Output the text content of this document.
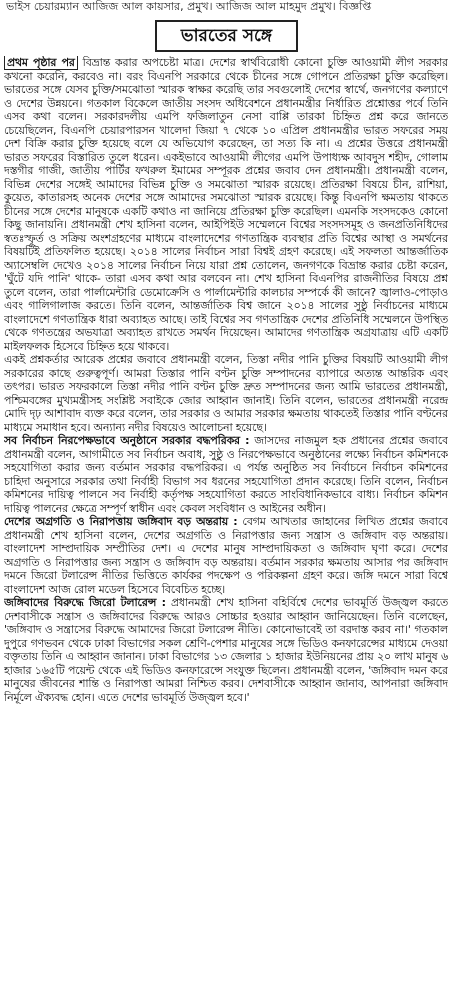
ভাইস চেয়ারম্যান আজিজ আল কায়সার, প্রমুখ। আজিজ আল মাহমুদ প্রমুখ। বিজ্ঞপ্তি
ভারতের সঙ্গে

প্রথম পৃষ্ঠার পর বিভ্রান্ত করার অপচেষ্টা মাত্র। দেশের স্বার্থবিরোধী কোনো চুক্তি আওয়ামী লীগ সরকার কখনো করেনি, করবেও না। বরং বিএনপি সরকারে থেকে চীনের সঙ্গে গোপনে প্রতিরক্ষা চুক্তি করেছিল। ভারতের সঙ্গে যেসব চুক্তি/সমঝোতা স্মারক স্বাক্ষর করেছি তার সবগুলোই দেশের স্বার্থে, জনগণের কল্যাণে ও দেশের উন্নয়নে। গতকাল বিকেলে জাতীয় সংসদ অধিবেশনে প্রধানমন্ত্রীর নির্ধারিত প্রশ্নোত্তর পর্বে তিনি এসব কথা বলেন। সরকারদলীয় এমপি ফজিলাতুন নেসা বাপ্পি তারকা চিহ্নিত প্রশ্ন করে জানতে চেয়েছিলেন, বিএনপি চেয়ারপারসন খালেদা জিয়া ৭ থেকে ১০ এপ্রিল প্রধানমন্ত্রীর ভারত সফরের সময় দেশ বিক্রি করার চুক্তি হয়েছে বলে যে অভিযোগ করেছেন, তা সত্য কি না। এ প্রশ্নের উত্তরে প্রধানমন্ত্রী ভারত সফরের বিস্তারিত তুলে ধরেন। একইভাবে আওয়ামী লীগের এমপি উপাধ্যক্ষ আবদুস শহীদ, গোলাম দস্তগীর গাজী, জাতীয় পার্টির ফখরুল ইমামের সম্পূরক প্রশ্নের জবাব দেন প্রধানমন্ত্রী। প্রধানমন্ত্রী বলেন, বিভিন্ন দেশের সঙ্গেই আমাদের বিভিন্ন চুক্তি ও সমঝোতা স্মারক রয়েছে। প্রতিরক্ষা বিষয়ে চীন, রাশিয়া, কুয়েত, কাতারসহ অনেক দেশের সঙ্গে আমাদের সমঝোতা স্মারক রয়েছে। কিন্তু বিএনপি ক্ষমতায় থাকতে চীনের সঙ্গে দেশের মানুষকে একটি কথাও না জানিয়ে প্রতিরক্ষা চুক্তি করেছিল। এমনকি সংসদকেও কোনো কিছু জানায়নি। প্রধানমন্ত্রী শেখ হাসিনা বলেন, আইপিইউ সম্মেলনে বিশ্বের সংসদসমূহ ও জনপ্রতিনিধিদের স্বতঃস্ফূর্ত ও সক্রিয় অংশগ্রহণের মাধ্যমে বাংলাদেশের গণতান্ত্রিক ব্যবস্থার প্রতি বিশ্বের আস্থা ও সমর্থনের বিষয়টিই প্রতিফলিত হয়েছে। ২০১৪ সালের নির্বাচন সারা বিশ্বই গ্রহণ করেছে। এই সফলতা আন্তর্জাতিক অ্যাসেম্বলি দেখেও ২০১৪ সালের নির্বাচন নিয়ে যারা প্রশ্ন তোলেন, জনগণকে বিভ্রান্ত করার চেষ্টা করেন, 'ঘুঁটে যদি পানি' থাকে- তারা এসব কথা আর বলবেন না। শেখ হাসিনা বিএনপির রাজনীতির বিষয়ে প্রশ্ন তুলে বলেন, তারা পার্লামেন্টারি ডেমোক্রেসি ও পার্লামেন্টারি কালচার সম্পর্কে কী জানে? জ্বালাও-পোড়াও এবং গালিগালাজ করতে। তিনি বলেন, আন্তর্জাতিক বিশ্ব জানে ২০১৪ সালের সুষ্ঠু নির্বাচনের মাধ্যমে বাংলাদেশে গণতান্ত্রিক ধারা অব্যাহত আছে। তাই বিশ্বের সব গণতান্ত্রিক দেশের প্রতিনিধি সম্মেলনে উপস্থিত থেকে গণতন্ত্রের অভযাত্রা অব্যাহত রাখতে সমর্থন দিয়েছেন। আমাদের গণতান্ত্রিক অগ্রযাত্রায় এটি একটি মাইলফলক হিসেবে চিহ্নিত হয়ে থাকবে।

একই প্রশ্নকর্তার আরেক প্রশ্নের জবাবে প্রধানমন্ত্রী বলেন, তিস্তা নদীর পানি চুক্তির বিষয়টি আওয়ামী লীগ সরকারের কাছে গুরুত্বপূর্ণ। আমরা তিস্তার পানি বণ্টন চুক্তি সম্পাদনের ব্যাপারে অত্যন্ত আন্তরিক এবং তৎপর। ভারত সফরকালে তিস্তা নদীর পানি বণ্টন চুক্তি দ্রুত সম্পাদনের জন্য আমি ভারতের প্রধানমন্ত্রী, পশ্চিমবঙ্গের মুখ্যমন্ত্রীসহ সংশ্লিষ্ট সবাইকে জোর আহ্বান জানাই। তিনি বলেন, ভারতের প্রধানমন্ত্রী নরেন্দ্র মোদি দৃঢ় আশাবাদ ব্যক্ত করে বলেন, তার সরকার ও আমার সরকার ক্ষমতায় থাকতেই তিস্তার পানি বণ্টনের মাধ্যমে সমাধান হবে। অন্যান্য নদীর বিষয়েও আলোচনা হয়েছে।

সব নির্বাচন নিরপেক্ষভাবে অনুষ্ঠানে সরকার বদ্ধপরিকর : জাসদের নাজমুল হক প্রধানের প্রশ্নের জবাবে প্রধানমন্ত্রী বলেন, আগামীতে সব নির্বাচন অবাধ, সুষ্ঠু ও নিরপেক্ষভাবে অনুষ্ঠানের লক্ষ্যে নির্বাচন কমিশনকে সহযোগিতা করার জন্য বর্তমান সরকার বদ্ধপরিকর। এ পর্যন্ত অনুষ্ঠিত সব নির্বাচনে নির্বাচন কমিশনের চাহিদা অনুসারে সরকার তথা নির্বাহী বিভাগ সব ধরনের সহযোগিতা প্রদান করেছে। তিনি বলেন, নির্বাচন কমিশনের দায়িত্ব পালনে সব নির্বাহী কর্তৃপক্ষ সহযোগিতা করতে সাংবিধানিকভাবে বাধ্য। নির্বাচন কমিশন দায়িত্ব পালনের ক্ষেত্রে সম্পূর্ণ স্বাধীন এবং কেবল সংবিধান ও আইনের অধীন।

দেশের অগ্রগতি ও নিরাপত্তায় জঙ্গিবাদ বড় অন্তরায় : বেগম আখতার জাহানের লিখিত প্রশ্নের জবাবে প্রধানমন্ত্রী শেখ হাসিনা বলেন, দেশের অগ্রগতি ও নিরাপত্তার জন্য সন্ত্রাস ও জঙ্গিবাদ বড় অন্তরায়। বাংলাদেশ সাম্প্রদায়িক সম্প্রীতির দেশ। এ দেশের মানুষ সাম্প্রদায়িকতা ও জঙ্গিবাদ ঘৃণা করে। দেশের অগ্রগতি ও নিরাপত্তার জন্য সন্ত্রাস ও জঙ্গিবাদ বড় অন্তরায়। বর্তমান সরকার ক্ষমতায় আসার পর জঙ্গিবাদ দমনে জিরো টলারেন্স নীতির ভিত্তিতে কার্যকর পদক্ষেপ ও পরিকল্পনা গ্রহণ করে। জঙ্গি দমনে সারা বিশ্বে বাংলাদেশ আজ রোল মডেল হিসেবে বিবেচিত হচ্ছে।

জঙ্গিবাদের বিরুদ্ধে জিরো টলারেন্স : প্রধানমন্ত্রী শেখ হাসিনা বহির্বিশ্বে দেশের ভাবমূর্তি উজ্জ্বল করতে দেশবাসীকে সন্ত্রাস ও জঙ্গিবাদের বিরুদ্ধে আরও সোচ্চার হওয়ার আহ্বান জানিয়েছেন। তিনি বলেছেন, 'জঙ্গিবাদ ও সন্ত্রাসের বিরুদ্ধে আমাদের জিরো টলারেন্স নীতি। কোনোভাবেই তা বরদাস্ত করব না।' গতকাল দুপুরে গণভবন থেকে ঢাকা বিভাগের সকল শ্রেণি-পেশার মানুষের সঙ্গে ভিডিও কনফারেন্সের মাধ্যমে দেওয়া বক্তৃতায় তিনি এ আহ্বান জানান। ঢাকা বিভাগের ১৩ জেলার ১ হাজার ইউনিয়নের প্রায় ২০ লাখ মানুষ ৬ হাজার ১৬৫টি পয়েন্ট থেকে এই ভিডিও কনফারেন্সে সংযুক্ত ছিলেন। প্রধানমন্ত্রী বলেন, 'জঙ্গিবাদ দমন করে মানুষের জীবনের শান্তি ও নিরাপত্তা আমরা নিশ্চিত করব। দেশবাসীকে আহ্বান জানাব, আপনারা জঙ্গিবাদ নির্মূলে ঐক্যবদ্ধ হোন। এতে দেশের ভাবমূর্তি উজ্জ্বল হবে।'
